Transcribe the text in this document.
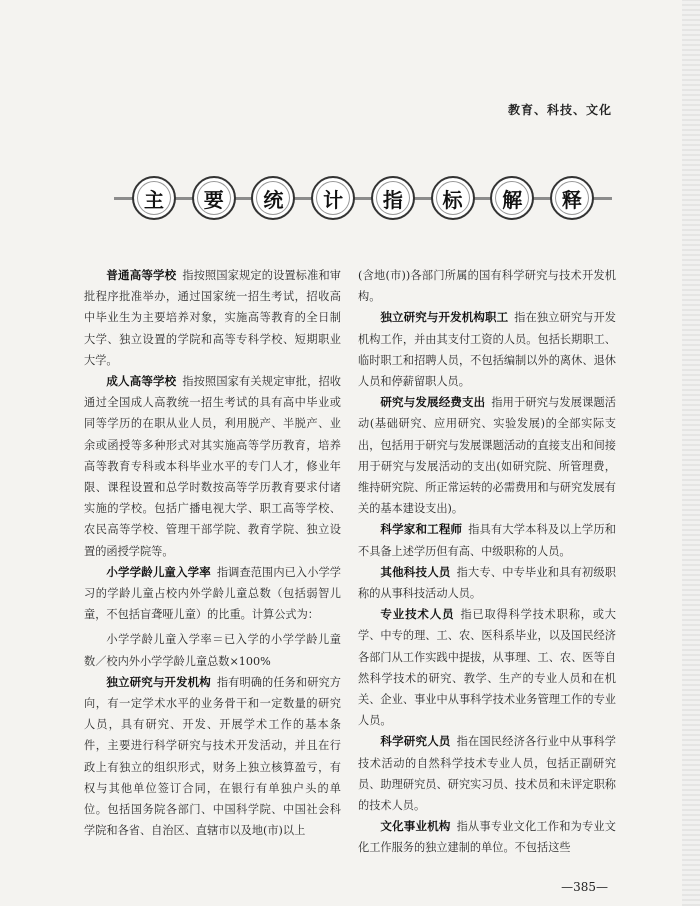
教育、科技、文化
主	要	统	计	指	标	解	释

普通高等学校 指按照国家规定的设置标准和审批程序批准举办，通过国家统一招生考试，招收高中毕业生为主要培养对象，实施高等教育的全日制大学、独立设置的学院和高等专科学校、短期职业大学。

成人高等学校 指按照国家有关规定审批，招收通过全国成人高教统一招生考试的具有高中毕业或同等学历的在职从业人员，利用脱产、半脱产、业余或函授等多种形式对其实施高等学历教育，培养高等教育专科或本科毕业水平的专门人才，修业年限、课程设置和总学时数按高等学历教育要求付诸实施的学校。包括广播电视大学、职工高等学校、农民高等学校、管理干部学院、教育学院、独立设置的函授学院等。

小学学龄儿童入学率 指调查范围内已入小学学习的学龄儿童占校内外学龄儿童总数（包括弱智儿童，不包括盲聋哑儿童）的比重。计算公式为：

小学学龄儿童入学率＝已入学的小学学龄儿童数／校内外小学学龄儿童总数×100%

独立研究与开发机构 指有明确的任务和研究方向，有一定学术水平的业务骨干和一定数量的研究人员，具有研究、开发、开展学术工作的基本条件，主要进行科学研究与技术开发活动，并且在行政上有独立的组织形式，财务上独立核算盈亏，有权与其他单位签订合同，在银行有单独户头的单位。包括国务院各部门、中国科学院、中国社会科学院和各省、自治区、直辖市以及地(市)以上

(含地(市))各部门所属的国有科学研究与技术开发机构。

独立研究与开发机构职工 指在独立研究与开发机构工作，并由其支付工资的人员。包括长期职工、临时职工和招聘人员，不包括编制以外的离休、退休人员和停薪留职人员。

研究与发展经费支出 指用于研究与发展课题活动(基础研究、应用研究、实验发展)的全部实际支出，包括用于研究与发展课题活动的直接支出和间接用于研究与发展活动的支出(如研究院、所管理费，维持研究院、所正常运转的必需费用和与研究发展有关的基本建设支出)。

科学家和工程师 指具有大学本科及以上学历和不具备上述学历但有高、中级职称的人员。

其他科技人员 指大专、中专毕业和具有初级职称的从事科技活动人员。

专业技术人员 指已取得科学技术职称，或大学、中专的理、工、农、医科系毕业，以及国民经济各部门从工作实践中提拔，从事理、工、农、医等自然科学技术的研究、教学、生产的专业人员和在机关、企业、事业中从事科学技术业务管理工作的专业人员。

科学研究人员 指在国民经济各行业中从事科学技术活动的自然科学技术专业人员，包括正副研究员、助理研究员、研究实习员、技术员和未评定职称的技术人员。

文化事业机构 指从事专业文化工作和为专业文化工作服务的独立建制的单位。不包括这些

—385—
